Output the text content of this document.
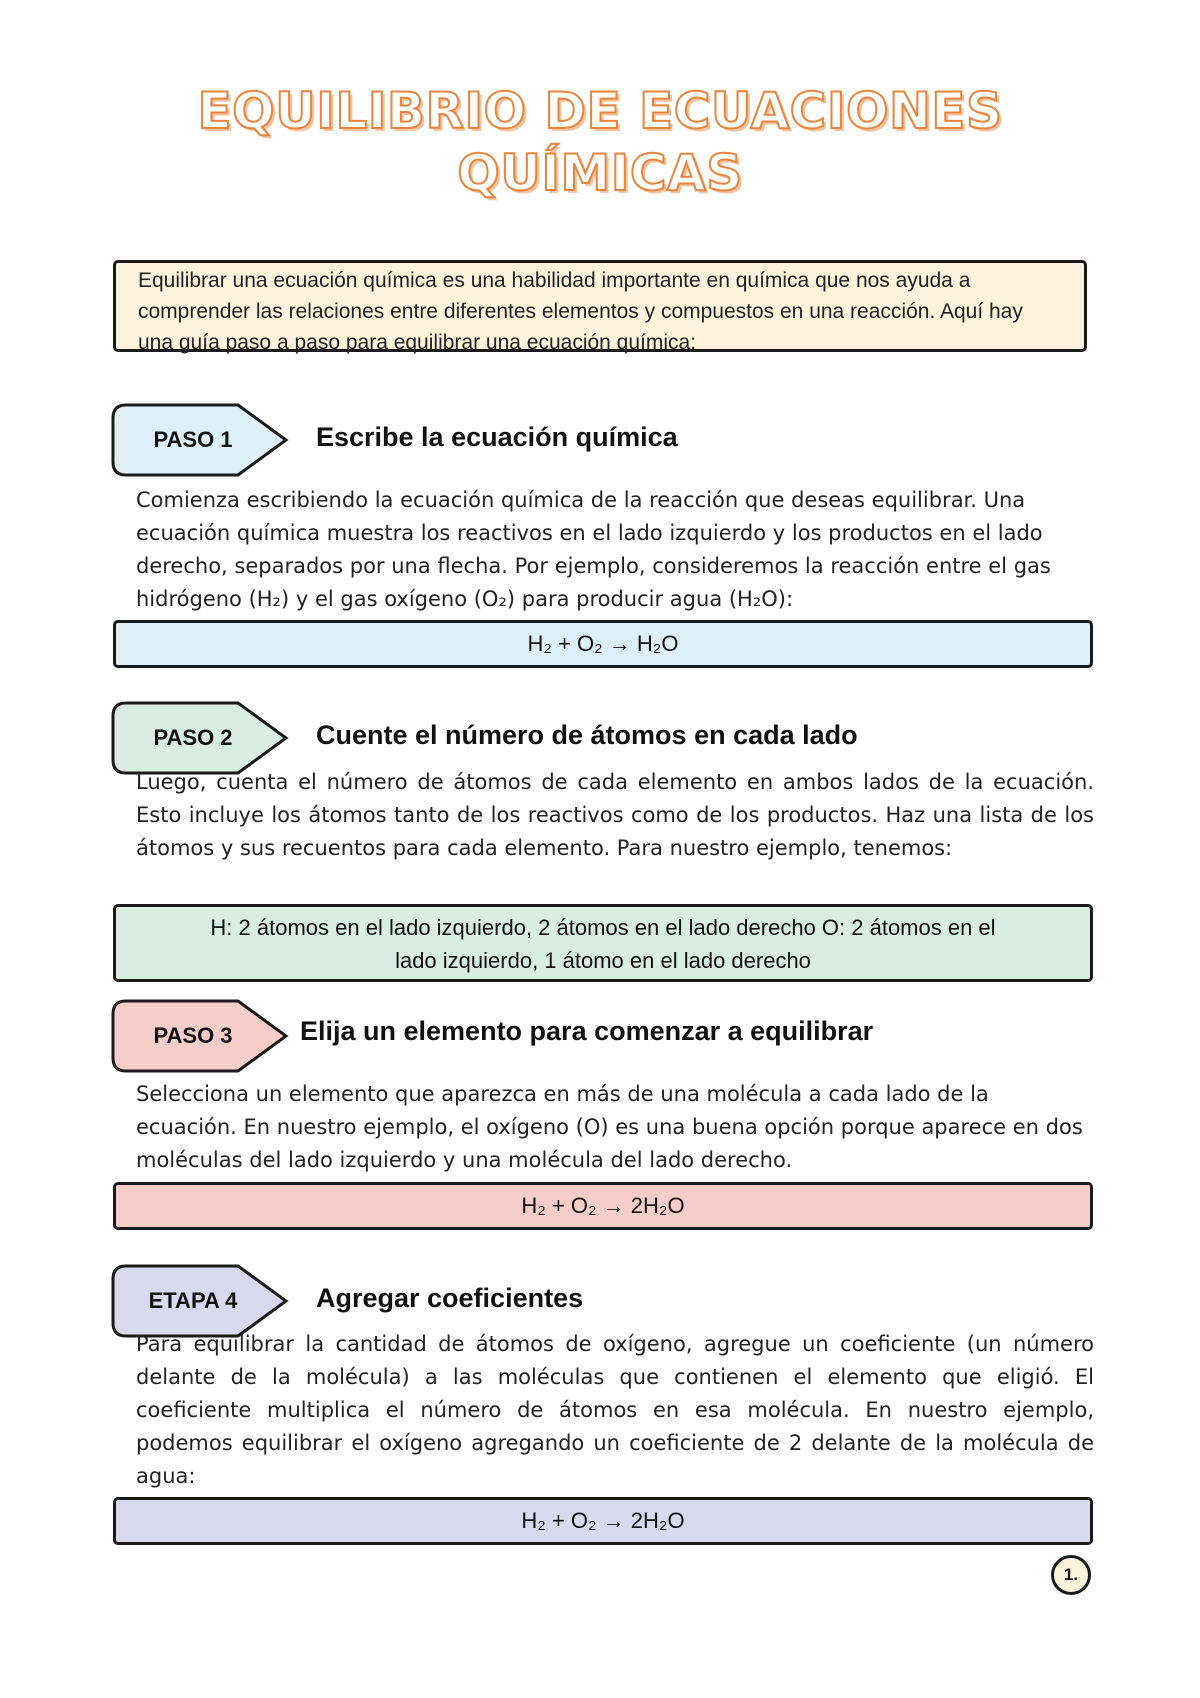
EQUILIBRIO DE ECUACIONES
QUÍMICAS
Equilibrar una ecuación química es una habilidad importante en química que nos ayuda a comprender las relaciones entre diferentes elementos y compuestos en una reacción. Aquí hay una guía paso a paso para equilibrar una ecuación química:
PASO 1	Escribe la ecuación química
Comienza escribiendo la ecuación química de la reacción que deseas equilibrar. Una ecuación química muestra los reactivos en el lado izquierdo y los productos en el lado derecho, separados por una flecha. Por ejemplo, consideremos la reacción entre el gas hidrógeno (H₂) y el gas oxígeno (O₂) para producir agua (H₂O):
H₂ + O₂ → H₂O
PASO 2	Cuente el número de átomos en cada lado
Luego, cuenta el número de átomos de cada elemento en ambos lados de la ecuación. Esto incluye los átomos tanto de los reactivos como de los productos. Haz una lista de los átomos y sus recuentos para cada elemento. Para nuestro ejemplo, tenemos:
H: 2 átomos en el lado izquierdo, 2 átomos en el lado derecho O: 2 átomos en el lado izquierdo, 1 átomo en el lado derecho
PASO 3	Elija un elemento para comenzar a equilibrar
Selecciona un elemento que aparezca en más de una molécula a cada lado de la ecuación. En nuestro ejemplo, el oxígeno (O) es una buena opción porque aparece en dos moléculas del lado izquierdo y una molécula del lado derecho.
H₂ + O₂ → 2H₂O
ETAPA 4	Agregar coeficientes
Para equilibrar la cantidad de átomos de oxígeno, agregue un coeficiente (un número delante de la molécula) a las moléculas que contienen el elemento que eligió. El coeficiente multiplica el número de átomos en esa molécula. En nuestro ejemplo, podemos equilibrar el oxígeno agregando un coeficiente de 2 delante de la molécula de agua:
H₂ + O₂ → 2H₂O
1.
